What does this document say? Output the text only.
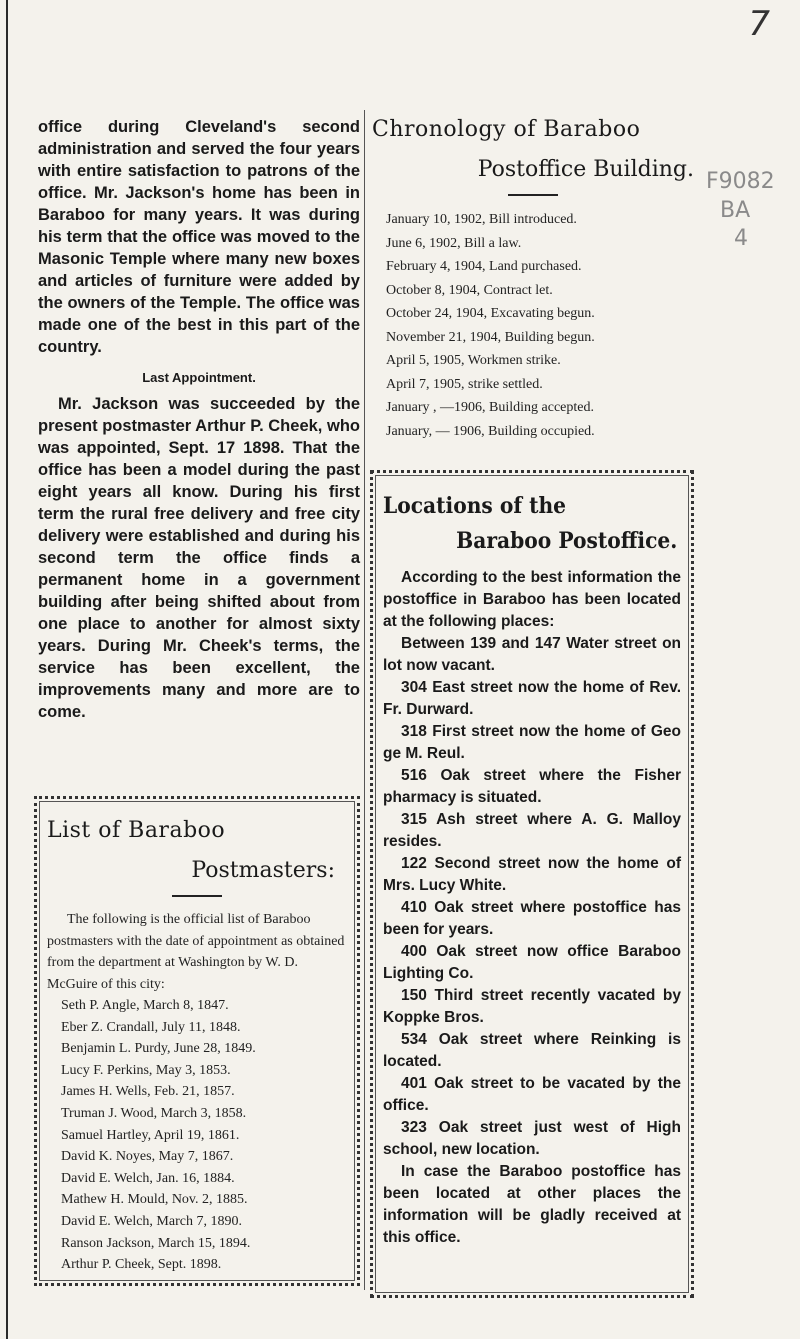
7
F9082
BA
4
office during Cleveland's second administration and served the four years with entire satisfaction to patrons of the office. Mr. Jackson's home has been in Baraboo for many years. It was during his term that the office was moved to the Masonic Temple where many new boxes and articles of furniture were added by the owners of the Temple. The office was made one of the best in this part of the country.
Last Appointment.
Mr. Jackson was succeeded by the present postmaster Arthur P. Cheek, who was appointed, Sept. 17 1898. That the office has been a model during the past eight years all know. During his first term the rural free delivery and free city delivery were established and during his second term the office finds a permanent home in a government building after being shifted about from one place to another for almost sixty years. During Mr. Cheek's terms, the service has been excellent, the improvements many and more are to come.
List of Baraboo
Postmasters:
The following is the official list of Baraboo postmasters with the date of appointment as obtained from the department at Washington by W. D. McGuire of this city:
Seth P. Angle, March 8, 1847.
Eber Z. Crandall, July 11, 1848.
Benjamin L. Purdy, June 28, 1849.
Lucy F. Perkins, May 3, 1853.
James H. Wells, Feb. 21, 1857.
Truman J. Wood, March 3, 1858.
Samuel Hartley, April 19, 1861.
David K. Noyes, May 7, 1867.
David E. Welch, Jan. 16, 1884.
Mathew H. Mould, Nov. 2, 1885.
David E. Welch, March 7, 1890.
Ranson Jackson, March 15, 1894.
Arthur P. Cheek, Sept. 1898.
Chronology of Baraboo
Postoffice Building.
January 10, 1902, Bill introduced.
June 6, 1902, Bill a law.
February 4, 1904, Land purchased.
October 8, 1904, Contract let.
October 24, 1904, Excavating begun.
November 21, 1904, Building begun.
April 5, 1905, Workmen strike.
April 7, 1905, strike settled.
January , —1906, Building accepted.
January, — 1906, Building occupied.
Locations of the
Baraboo Postoffice.

According to the best information the postoffice in Baraboo has been located at the following places:

Between 139 and 147 Water street on lot now vacant.

304 East street now the home of Rev. Fr. Durward.

318 First street now the home of Geo ge M. Reul.

516 Oak street where the Fisher pharmacy is situated.

315 Ash street where A. G. Malloy resides.

122 Second street now the home of Mrs. Lucy White.

410 Oak street where postoffice has been for years.

400 Oak street now office Baraboo Lighting Co.

150 Third street recently vacated by Koppke Bros.

534 Oak street where Reinking is located.

401 Oak street to be vacated by the office.

323 Oak street just west of High school, new location.

In case the Baraboo postoffice has been located at other places the information will be gladly received at this office.
